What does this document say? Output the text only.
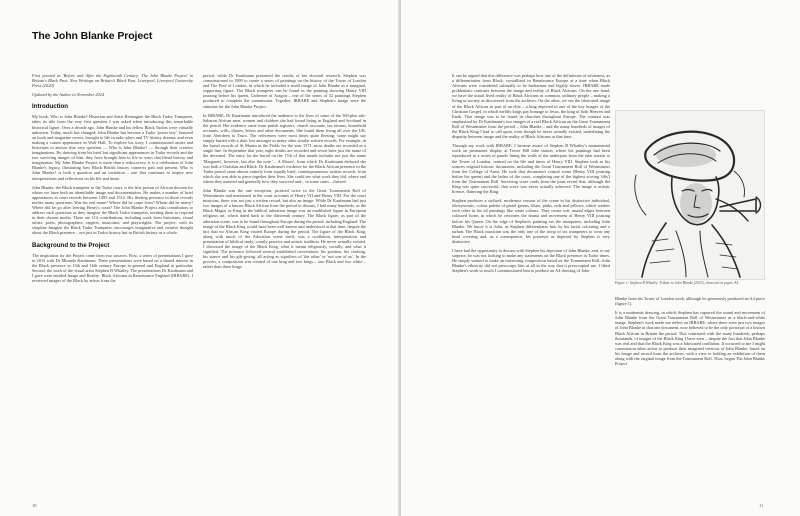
The John Blanke Project

First printed as 'Before and After the Eighteenth Century: The John Blanke Project' in Britain's Black Past: New Writings on Britain's Black Past, Liverpool, Liverpool University Press (2020)

Updated by the Author in November 2024

Introduction

My book, Who is John Blanke? Historian and Artist Reimagine the Black Tudor Trumpeter, takes its title from the very first question I was asked when introducing this remarkable historical figure. Over a decade ago, John Blanke and his fellow Black Tudors were virtually unknown. Today, much has changed; John Blanke has become a Tudor 'poster boy', featured on book and magazine covers, brought to life in radio plays and TV history dramas, and even making a cameo appearance in Wolf Hall. To explore his story, I commissioned artists and historians to answer that very question — Who is John Blanke? — through their creative imaginations. By drawing from his brief but significant appearances in Tudor records and the two surviving images of him, they have brought him to life in ways that blend history and imagination. My John Blanke Project is more than a rediscovery; it is a celebration of John Blanke's legacy, illustrating how Black British history connects past and present. Who is John Blanke? is both a question and an invitation – one that continues to inspire new interpretations and reflections on his life and times.

John Blanke, the Black trumpeter to the Tudor court, is the first person of African descent for whom we have both an identifiable image and documentation. He makes a number of brief appearances in court records between 1495 and 1512. His fleeting presence in those records invites many questions: Was his real name? Where did he come from? Whom did he marry? Where did he go after leaving Henry's court? The John Blanke Project asks contributors to address such questions as they imagine the Black Tudor trumpeter, inviting them to respond in their chosen media. There are 114 contributions, including work from historians, visual artists, poets, photographers, rappers, musicians, and playwrights. The project, with its strapline Imagine the Black Tudor Trumpeter, encourages imaginative and creative thought about the Black presence – not just in Tudor history but in British history as a whole.

Background to the Project

The inspiration for the Project came from two sources. First, a series of presentations I gave in 2015 with Dr Miranda Kaufmann. These presentations were based on a shared interest in the Black presence in 15th and 16th century Europe in general and England in particular. Second, the work of the visual artist Stephen B Whatley. The presentations Dr Kaufmann and I gave were entitled Image and Reality: Black Africans in Renaissance England (IRBARE). I reviewed images of the Black by artists from the

period, while Dr Kaufmann presented the results of her doctoral research. Stephen was commissioned in 1999 to create a series of paintings on the history of the Tower of London and The Pool of London, in which he included a small image of John Blanke as a marginal, supporting figure. The Black trumpeter can be found in the painting showing Henry VIII jousting before his queen, Catherine of Aragon – one of the series of 52 paintings Stephen produced to complete the commission. Together, IRBARE and Stephen's image were the stimulus for the John Blanke Project.

In IRBARE, Dr Kaufmann introduced the audience to the lives of some of the 360-plus sub-Saharan African men, women and children she had found living in England and Scotland in the period. Her evidence came from parish registers, church accounts, tax returns, household accounts, wills, diaries, letters and other documents. She found them living all over the UK, from Aberdeen to Truro. The references were most times quite fleeting; some might say simply buried with a date, lost amongst so many other similar written records. For example, in the burial records of St Martin in the Fields for the year 1571, most deaths are recorded as a single line. In September that year, eight deaths are recorded and seven have just the name of the deceased. The entry for the burial on the 17th of that month includes not just the name 'Margarett', however, but also the note '... A Moore', from which Dr Kaufmann deduced she was both a Christian and Black. Dr Kaufmann's evidence for the Black African presence in the Tudor period came almost entirely from equally brief, contemporaneous written records, from which she was able to piece together their lives. She could see what work they did, where and whom they married and generally how they survived and – in some cases – thrived.

John Blanke was the one exception, pictured twice in the Great Tournament Roll of Westminster and mentioned in the court accounts of Henry VII and Henry VIII. For the court musician, there was not just a written record, but also an image. While Dr Kaufmann had just two images of a known Black African from the period to discuss, I had many hundreds, as the Black Magus or King in the biblical adoration image was an established figure in European religious art, which dated back to the thirteenth century. The Black figure, as part of the adoration scene, was to be found throughout Europe during the period, including England. The image of the Black King would have been well known and understood at that time, despite the fact that no African King visited Europe during the period. The figure of the Black King, along with much of the Adoration scene itself, was a conflation, interpretation and presentation of biblical study, courtly practice and artistic tradition. He never actually existed. I discussed the image of the Black King, what it meant religiously, socially, and what it signified. The presence followed several established conventions: his position, his clothing, his stance and his gift-giving, all acting as signifiers of 'the other' or 'not one of us'. In the process, a composition was created of one king and two kings – one Black and two white – rather than three kings.

10	11

It can be argued that this difference was perhaps how one of the definitions of whiteness, as a differentiation from Black, crystallised in Renaissance Europe at a time when Black Africans were considered culturally to be barbarians and legally slaves. IRBARE made problematic contrasts between the image and reality of Black Africans. On the one hand, we have the actual lived reality of Black Africans as common, ordinary people – making a living in society as discovered from the archives. On the other, we see the fabricated image of the Black African as part of an elite – a king depicted in one of the key images of the Christian Gospel, in which earthly kings pay homage to Jesus, the king of both Heaven and Earth. That image was to be found in churches throughout Europe. The contrast was emphasised by Dr Kaufmann's two images of a real Black African on the Great Tournament Roll of Westminster from the period – John Blanke – and the many hundreds of images of the Black King I had to call upon, even though he never actually existed, underlining the disparity between image and the reality of Black Africans at that time.

Through my work with IRBARE, I became aware of Stephen B Whatley's monumental work on permanent display at Tower Hill tube station, where his paintings had been reproduced in a series of panels lining the walls of the underpass from the tube station to the Tower of London, centred on the life and times of Henry VIII. Stephen took as his sources original historic documents, including the Great Tournament Roll of Westminster from the College of Arms. He took that document's central scene (Henry VIII jousting before his queen) and the ladies of the court, completing one of the highest scoring 'tilts') from the Tournament Roll. Surviving score cards from the joust reveal that, although the King was quite successful, that score was never actually achieved. The image is artistic licence, flattering the King.

Stephen produces a stylised, modernist version of the scene in his distinctive individual, idiosyncratic, colour palette of pastel greens, blues, pinks, reds and yellows, which washes each other in his oil paintings like water colours. They create soft, muted edges between coloured forms in which he recreates the drama and movement of Henry VIII jousting before his Queen. On the edge of Stephen's painting are the trumpeters, including John Blanke. We know it is John, as Stephen differentiates him by his facial colouring and a turban. The Black musician was the only one of the troop of six trumpeters to wear any head covering and, as a consequence, his presence as depicted by Stephen is very distinctive.

I have had the opportunity to discuss with Stephen his depiction of John Blanke, and, to my surprise, he was not looking to make any statements on the Black presence in Tudor times. He simply wanted to make an interesting composition based on the Tournament Roll; John Blanke's ethnicity did not preoccupy him at all in the way that it preoccupied me. I liked Stephen's work so much I commissioned him to produce an A4 drawing of John

Figure 1: Stephen B Whatley. Tribute to John Blanke (2015), charcoal on paper, A4

Blanke from his Tower of London work, although he generously produced an A4 piece (figure 1).

It is a modernist drawing, in which Stephen has captured the sound and movement of John Blanke from the Great Tournament Roll of Westminster as a black-and-white image. Stephen's work made me reflect on IRBARE, where there were just two images of John Blanke in that one document, now believed to be the only portrayal of a known Black African in Britain the period. This contrasted with the many hundreds, perhaps thousands, of images of the Black King I have seen – despite the fact that John Blanke was real and that the Black King was a fabricated conflation. It occurred to me I might commission other artists to produce their imagined versions of John Blanke, based on his image and record from the archives, with a view to holding an exhibition of them along with the original image from the Tournament Roll. Thus, began The John Blanke Project
